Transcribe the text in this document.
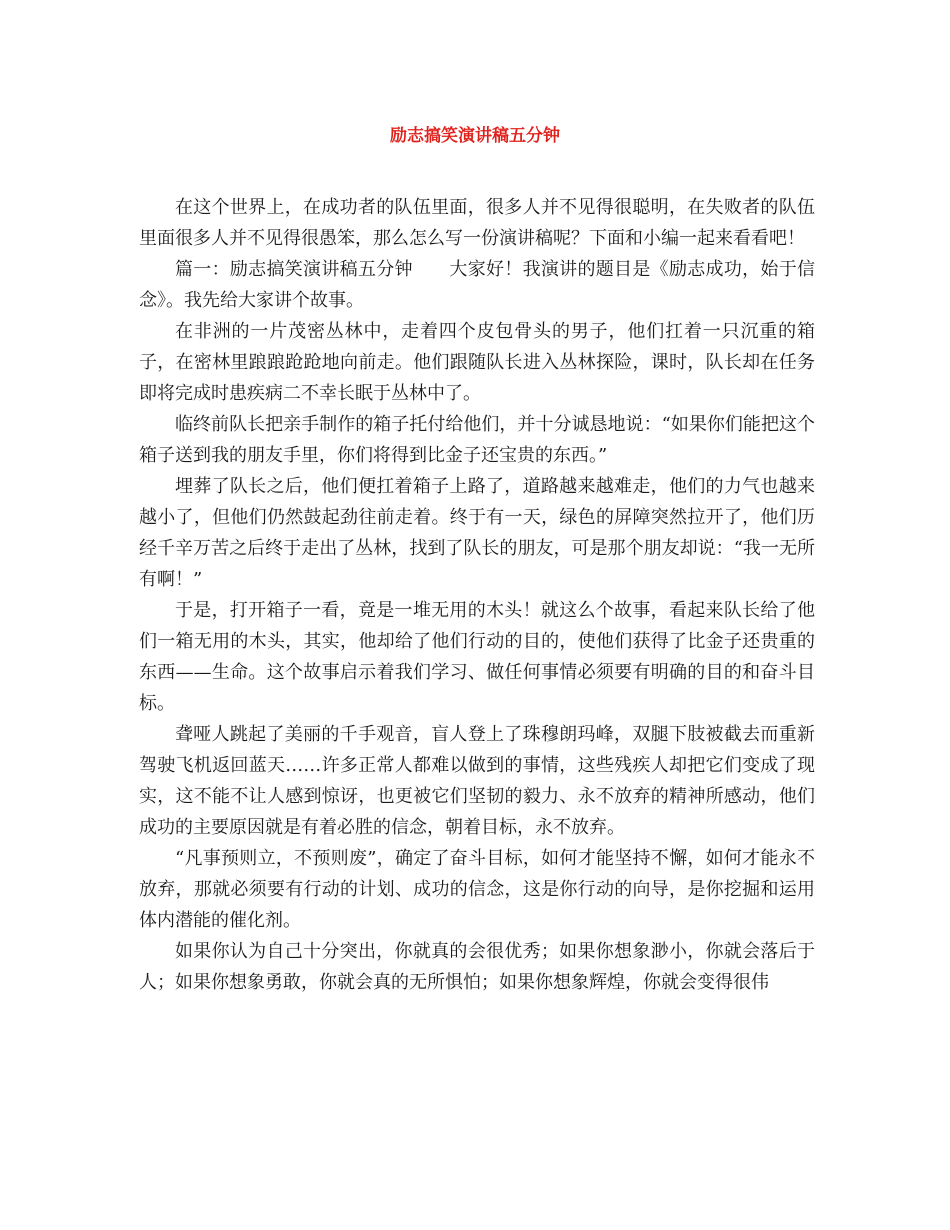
励志搞笑演讲稿五分钟

在这个世界上，在成功者的队伍里面，很多人并不见得很聪明，在失败者的队伍里面很多人并不见得很愚笨，那么怎么写一份演讲稿呢？下面和小编一起来看看吧！

篇一：励志搞笑演讲稿五分钟　　大家好！我演讲的题目是《励志成功，始于信念》。我先给大家讲个故事。

在非洲的一片茂密丛林中，走着四个皮包骨头的男子，他们扛着一只沉重的箱子，在密林里踉踉跄跄地向前走。他们跟随队长进入丛林探险，课时，队长却在任务即将完成时患疾病二不幸长眠于丛林中了。

临终前队长把亲手制作的箱子托付给他们，并十分诚恳地说：“如果你们能把这个箱子送到我的朋友手里，你们将得到比金子还宝贵的东西。”

埋葬了队长之后，他们便扛着箱子上路了，道路越来越难走，他们的力气也越来越小了，但他们仍然鼓起劲往前走着。终于有一天，绿色的屏障突然拉开了，他们历经千辛万苦之后终于走出了丛林，找到了队长的朋友，可是那个朋友却说：“我一无所有啊！”

于是，打开箱子一看，竟是一堆无用的木头！就这么个故事，看起来队长给了他们一箱无用的木头，其实，他却给了他们行动的目的，使他们获得了比金子还贵重的东西——生命。这个故事启示着我们学习、做任何事情必须要有明确的目的和奋斗目标。

聋哑人跳起了美丽的千手观音，盲人登上了珠穆朗玛峰，双腿下肢被截去而重新驾驶飞机返回蓝天……许多正常人都难以做到的事情，这些残疾人却把它们变成了现实，这不能不让人感到惊讶，也更被它们坚韧的毅力、永不放弃的精神所感动，他们成功的主要原因就是有着必胜的信念，朝着目标，永不放弃。

“凡事预则立，不预则废”，确定了奋斗目标，如何才能坚持不懈，如何才能永不放弃，那就必须要有行动的计划、成功的信念，这是你行动的向导，是你挖掘和运用体内潜能的催化剂。

如果你认为自己十分突出，你就真的会很优秀；如果你想象渺小，你就会落后于人；如果你想象勇敢，你就会真的无所惧怕；如果你想象辉煌，你就会变得很伟
